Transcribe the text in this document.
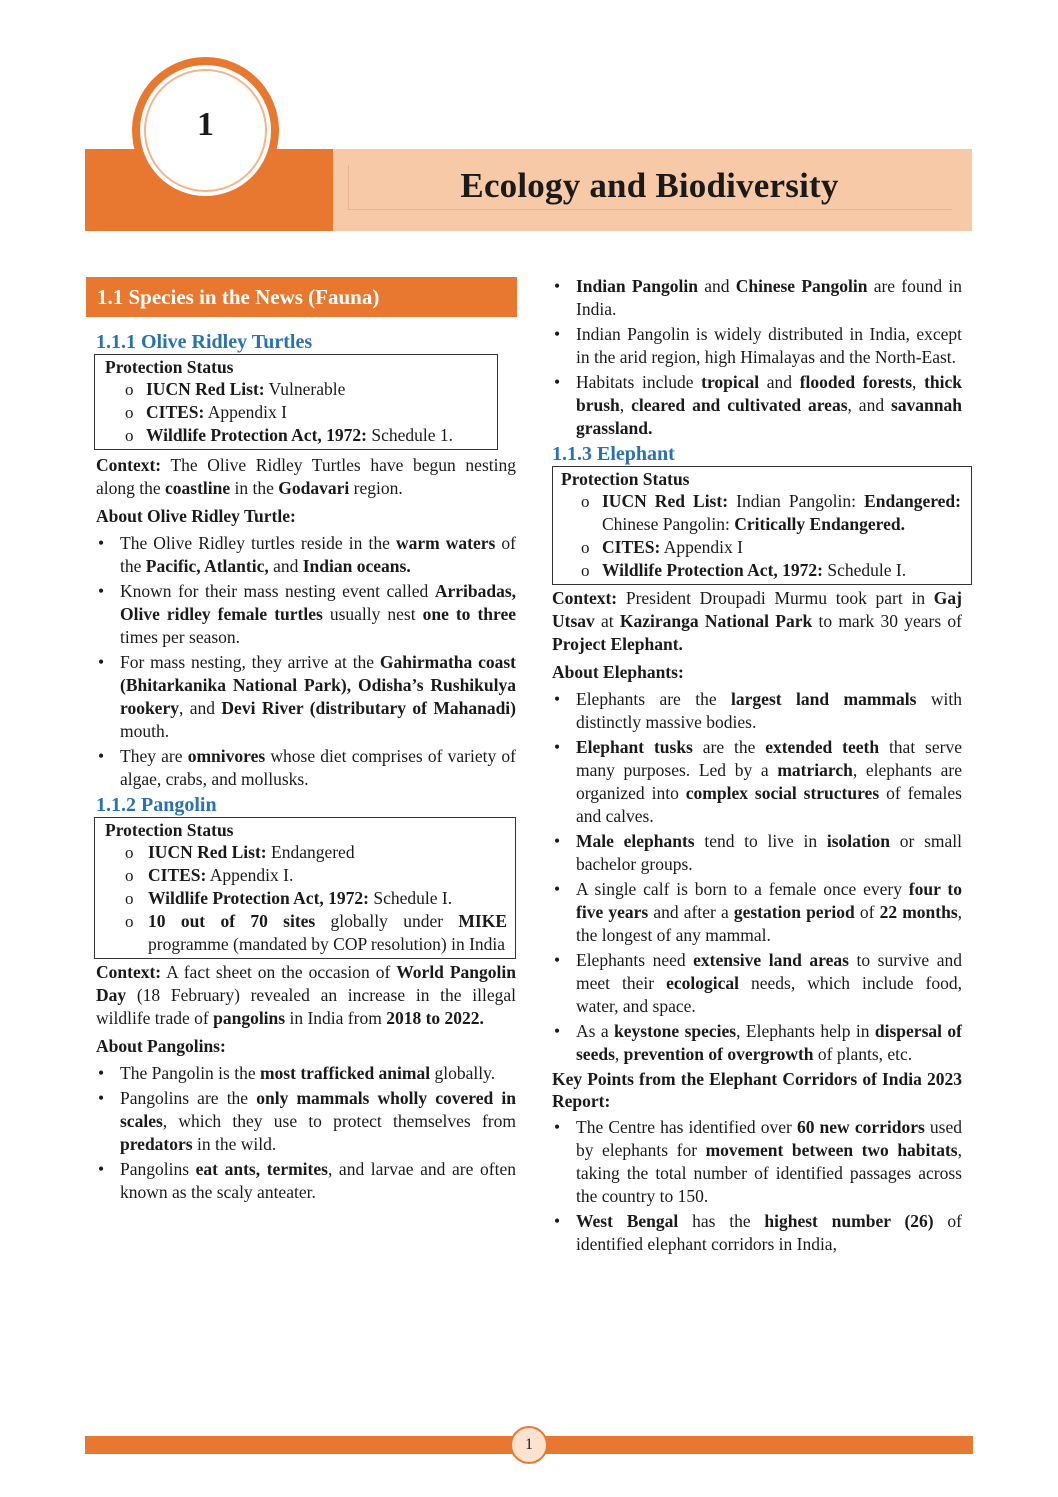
Ecology and Biodiversity
1
1.1 Species in the News (Fauna)
1.1.1 Olive Ridley Turtles
Protection Status
o IUCN Red List: Vulnerable
o CITES: Appendix I
o Wildlife Protection Act, 1972: Schedule 1.
Context: The Olive Ridley Turtles have begun nesting along the coastline in the Godavari region.
About Olive Ridley Turtle:
• The Olive Ridley turtles reside in the warm waters of the Pacific, Atlantic, and Indian oceans.
• Known for their mass nesting event called Arribadas, Olive ridley female turtles usually nest one to three times per season.
• For mass nesting, they arrive at the Gahirmatha coast (Bhitarkanika National Park), Odisha’s Rushikulya rookery, and Devi River (distributary of Mahanadi) mouth.
• They are omnivores whose diet comprises of variety of algae, crabs, and mollusks.
1.1.2 Pangolin
Protection Status
o IUCN Red List: Endangered
o CITES: Appendix I.
o Wildlife Protection Act, 1972: Schedule I.
o 10 out of 70 sites globally under MIKE programme (mandated by COP resolution) in India
Context: A fact sheet on the occasion of World Pangolin Day (18 February) revealed an increase in the illegal wildlife trade of pangolins in India from 2018 to 2022.
About Pangolins:
• The Pangolin is the most trafficked animal globally.
• Pangolins are the only mammals wholly covered in scales, which they use to protect themselves from predators in the wild.
• Pangolins eat ants, termites, and larvae and are often known as the scaly anteater.
• Indian Pangolin and Chinese Pangolin are found in India.
• Indian Pangolin is widely distributed in India, except in the arid region, high Himalayas and the North-East.
• Habitats include tropical and flooded forests, thick brush, cleared and cultivated areas, and savannah grassland.
1.1.3 Elephant
Protection Status
o IUCN Red List: Indian Pangolin: Endangered: Chinese Pangolin: Critically Endangered.
o CITES: Appendix I
o Wildlife Protection Act, 1972: Schedule I.
Context: President Droupadi Murmu took part in Gaj Utsav at Kaziranga National Park to mark 30 years of Project Elephant.
About Elephants:
• Elephants are the largest land mammals with distinctly massive bodies.
• Elephant tusks are the extended teeth that serve many purposes. Led by a matriarch, elephants are organized into complex social structures of females and calves.
• Male elephants tend to live in isolation or small bachelor groups.
• A single calf is born to a female once every four to five years and after a gestation period of 22 months, the longest of any mammal.
• Elephants need extensive land areas to survive and meet their ecological needs, which include food, water, and space.
• As a keystone species, Elephants help in dispersal of seeds, prevention of overgrowth of plants, etc.
Key Points from the Elephant Corridors of India 2023 Report:
• The Centre has identified over 60 new corridors used by elephants for movement between two habitats, taking the total number of identified passages across the country to 150.
• West Bengal has the highest number (26) of identified elephant corridors in India,
1
